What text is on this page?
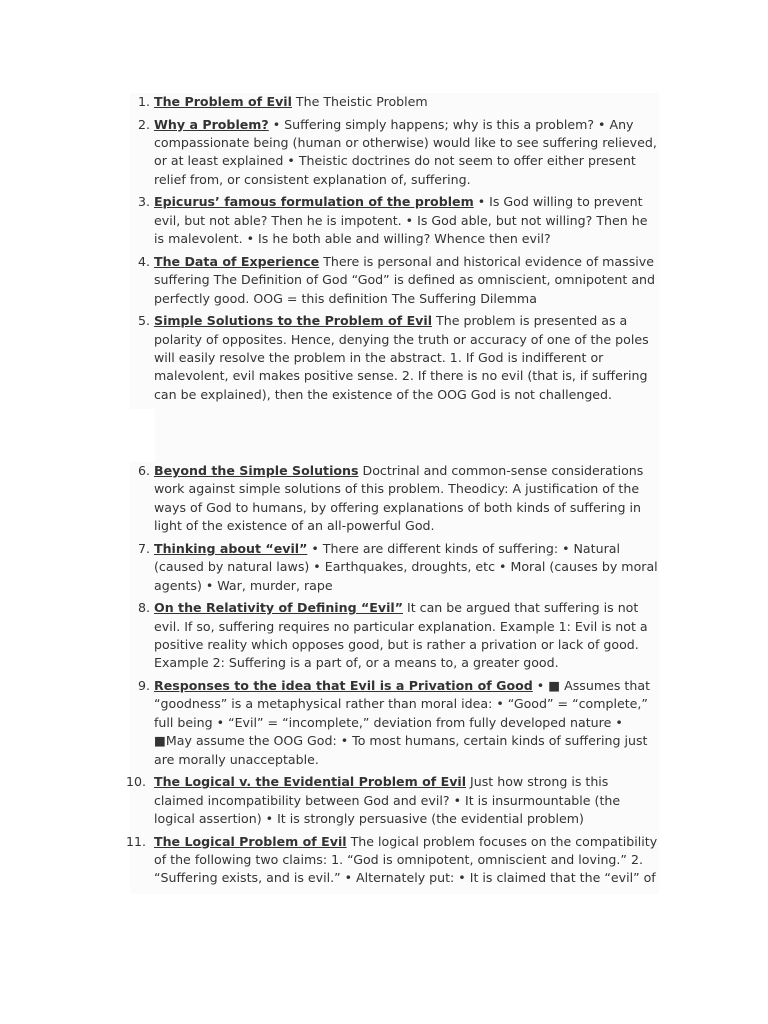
1. The Problem of Evil The Theistic Problem
2. Why a Problem? • Suffering simply happens; why is this a problem? • Any compassionate being (human or otherwise) would like to see suffering relieved, or at least explained • Theistic doctrines do not seem to offer either present relief from, or consistent explanation of, suffering.
3. Epicurus’ famous formulation of the problem • Is God willing to prevent evil, but not able? Then he is impotent. • Is God able, but not willing? Then he is malevolent. • Is he both able and willing? Whence then evil?
4. The Data of Experience There is personal and historical evidence of massive suffering The Definition of God “God” is defined as omniscient, omnipotent and perfectly good. OOG = this definition The Suffering Dilemma
5. Simple Solutions to the Problem of Evil The problem is presented as a polarity of opposites. Hence, denying the truth or accuracy of one of the poles will easily resolve the problem in the abstract. 1. If God is indifferent or malevolent, evil makes positive sense. 2. If there is no evil (that is, if suffering can be explained), then the existence of the OOG God is not challenged.
6. Beyond the Simple Solutions Doctrinal and common-sense considerations work against simple solutions of this problem. Theodicy: A justification of the ways of God to humans, by offering explanations of both kinds of suffering in light of the existence of an all-powerful God.
7. Thinking about “evil” • There are different kinds of suffering: • Natural (caused by natural laws) • Earthquakes, droughts, etc • Moral (causes by moral agents) • War, murder, rape
8. On the Relativity of Defining “Evil” It can be argued that suffering is not evil. If so, suffering requires no particular explanation. Example 1: Evil is not a positive reality which opposes good, but is rather a privation or lack of good. Example 2: Suffering is a part of, or a means to, a greater good.
9. Responses to the idea that Evil is a Privation of Good • ■ Assumes that “goodness” is a metaphysical rather than moral idea: • “Good” = “complete,” full being • “Evil” = “incomplete,” deviation from fully developed nature • ■May assume the OOG God: • To most humans, certain kinds of suffering just are morally unacceptable.
10. The Logical v. the Evidential Problem of Evil Just how strong is this claimed incompatibility between God and evil? • It is insurmountable (the logical assertion) • It is strongly persuasive (the evidential problem)
11. The Logical Problem of Evil The logical problem focuses on the compatibility of the following two claims: 1. “God is omnipotent, omniscient and loving.” 2. “Suffering exists, and is evil.” • Alternately put: • It is claimed that the “evil” of
